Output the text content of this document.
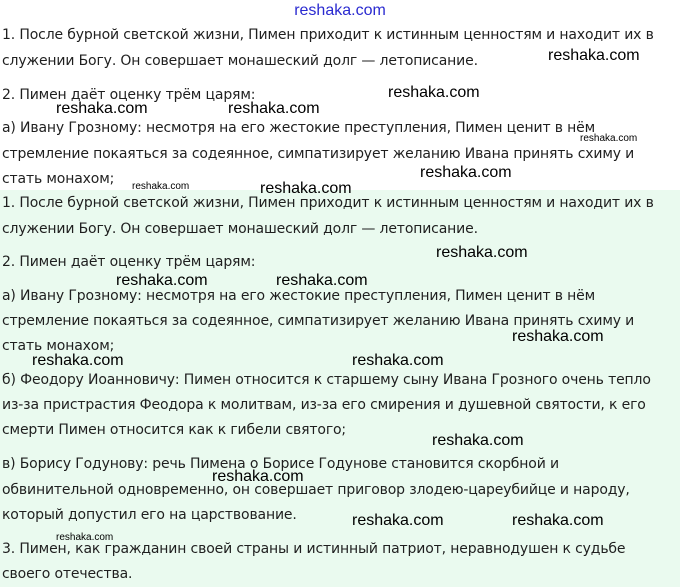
reshaka.com

1. После бурной светской жизни, Пимен приходит к истинным ценностям и находит их в

служении Богу. Он совершает монашеский долг — летописание.

2. Пимен даёт оценку трём царям:

а) Ивану Грозному: несмотря на его жестокие преступления, Пимен ценит в нём

стремление покаяться за содеянное, симпатизирует желанию Ивана принять схиму и

стать монахом;

1. После бурной светской жизни, Пимен приходит к истинным ценностям и находит их в

служении Богу. Он совершает монашеский долг — летописание.

2. Пимен даёт оценку трём царям:

а) Ивану Грозному: несмотря на его жестокие преступления, Пимен ценит в нём

стремление покаяться за содеянное, симпатизирует желанию Ивана принять схиму и

стать монахом;

б) Феодору Иоанновичу: Пимен относится к старшему сыну Ивана Грозного очень тепло

из-за пристрастия Феодора к молитвам, из-за его смирения и душевной святости, к его

смерти Пимен относится как к гибели святого;

в) Борису Годунову: речь Пимена о Борисе Годунове становится скорбной и

обвинительной одновременно, он совершает приговор злодею-цареубийце и народу,

который допустил его на царствование.

3. Пимен, как гражданин своей страны и истинный патриот, неравнодушен к судьбе

своего отечества.

reshaka.com
reshaka.com
reshaka.com	reshaka.com
reshaka.com
reshaka.com
reshaka.com	reshaka.com
reshaka.com
reshaka.com	reshaka.com
reshaka.com
reshaka.com	reshaka.com
reshaka.com
reshaka.com
reshaka.com	reshaka.com
reshaka.com
